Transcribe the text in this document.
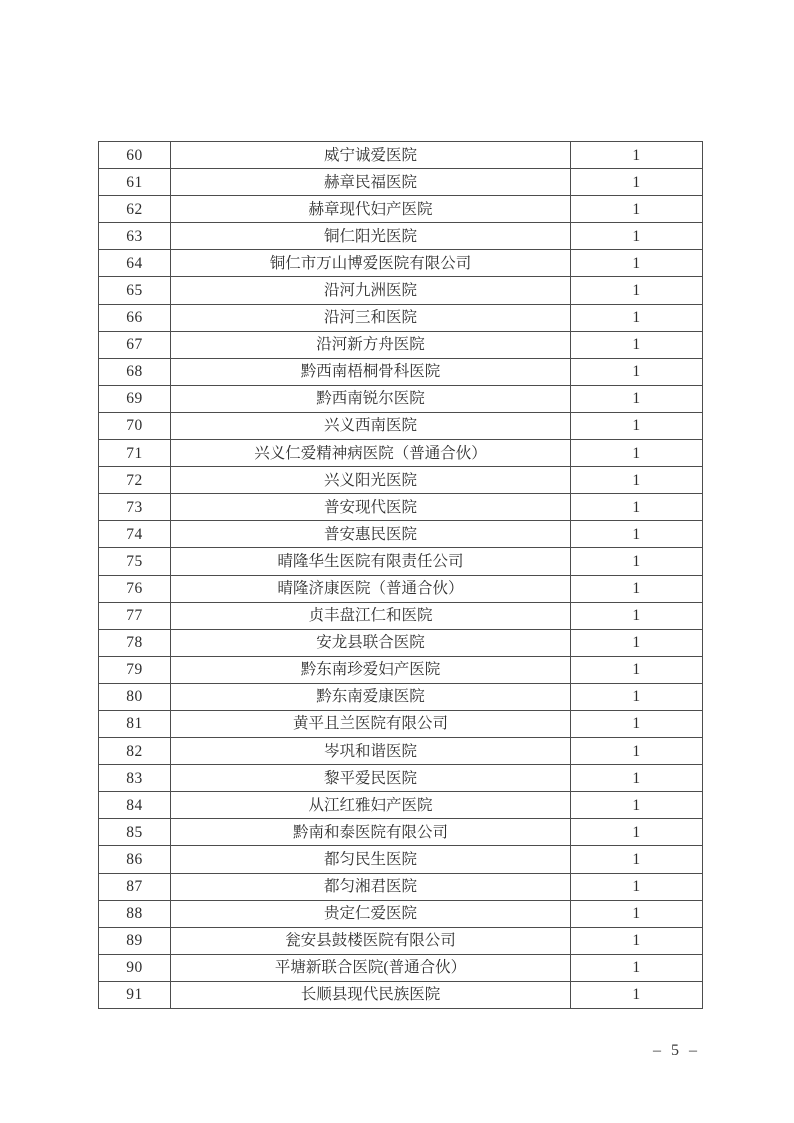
60	威宁诚爱医院	1
61	赫章民福医院	1
62	赫章现代妇产医院	1
63	铜仁阳光医院	1
64	铜仁市万山博爱医院有限公司	1
65	沿河九洲医院	1
66	沿河三和医院	1
67	沿河新方舟医院	1
68	黔西南梧桐骨科医院	1
69	黔西南锐尔医院	1
70	兴义西南医院	1
71	兴义仁爱精神病医院（普通合伙）	1
72	兴义阳光医院	1
73	普安现代医院	1
74	普安惠民医院	1
75	晴隆华生医院有限责任公司	1
76	晴隆济康医院（普通合伙）	1
77	贞丰盘江仁和医院	1
78	安龙县联合医院	1
79	黔东南珍爱妇产医院	1
80	黔东南爱康医院	1
81	黄平且兰医院有限公司	1
82	岑巩和谐医院	1
83	黎平爱民医院	1
84	从江红雅妇产医院	1
85	黔南和泰医院有限公司	1
86	都匀民生医院	1
87	都匀湘君医院	1
88	贵定仁爱医院	1
89	瓮安县鼓楼医院有限公司	1
90	平塘新联合医院(普通合伙）	1
91	长顺县现代民族医院	1
– 5 –
